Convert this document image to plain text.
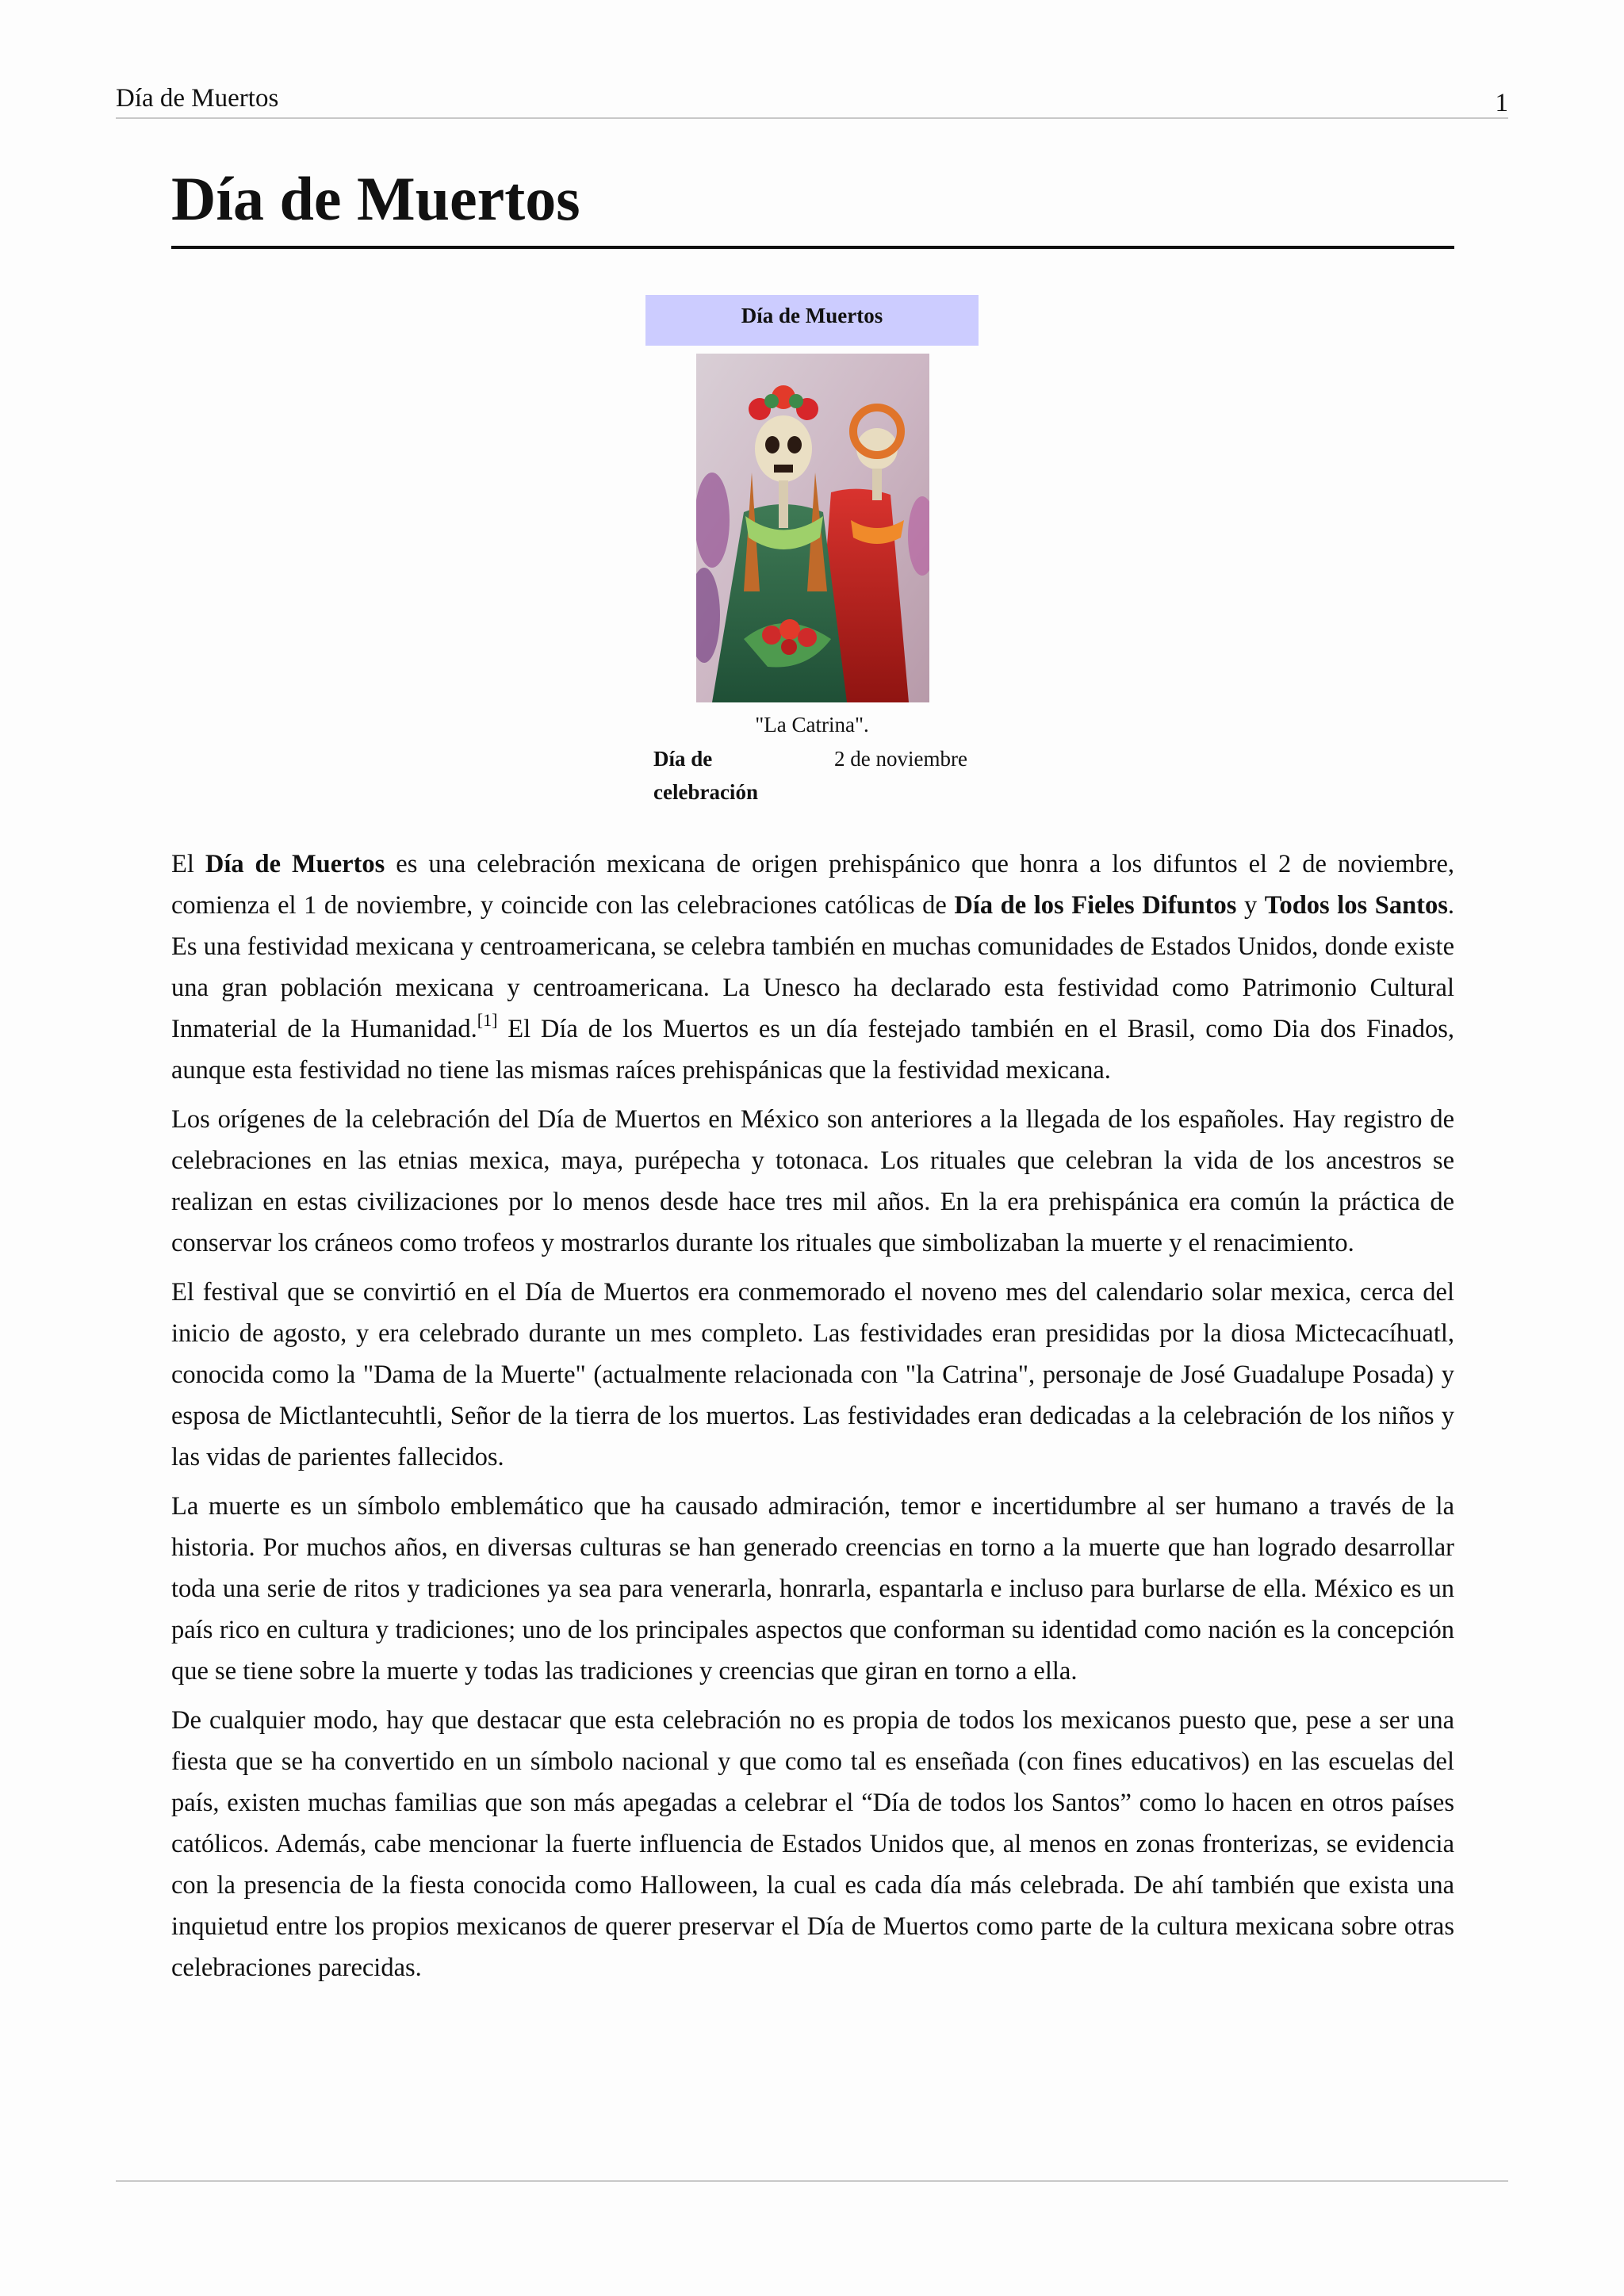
Día de Muertos	1
Día de Muertos
Día de Muertos
"La Catrina".
Día de celebración
2 de noviembre

El Día de Muertos es una celebración mexicana de origen prehispánico que honra a los difuntos el 2 de noviembre, comienza el 1 de noviembre, y coincide con las celebraciones católicas de Día de los Fieles Difuntos y Todos los Santos. Es una festividad mexicana y centroamericana, se celebra también en muchas comunidades de Estados Unidos, donde existe una gran población mexicana y centroamericana. La Unesco ha declarado esta festividad como Patrimonio Cultural Inmaterial de la Humanidad.[1] El Día de los Muertos es un día festejado también en el Brasil, como Dia dos Finados, aunque esta festividad no tiene las mismas raíces prehispánicas que la festividad mexicana.

Los orígenes de la celebración del Día de Muertos en México son anteriores a la llegada de los españoles. Hay registro de celebraciones en las etnias mexica, maya, purépecha y totonaca. Los rituales que celebran la vida de los ancestros se realizan en estas civilizaciones por lo menos desde hace tres mil años. En la era prehispánica era común la práctica de conservar los cráneos como trofeos y mostrarlos durante los rituales que simbolizaban la muerte y el renacimiento.

El festival que se convirtió en el Día de Muertos era conmemorado el noveno mes del calendario solar mexica, cerca del inicio de agosto, y era celebrado durante un mes completo. Las festividades eran presididas por la diosa Mictecacíhuatl, conocida como la "Dama de la Muerte" (actualmente relacionada con "la Catrina", personaje de José Guadalupe Posada) y esposa de Mictlantecuhtli, Señor de la tierra de los muertos. Las festividades eran dedicadas a la celebración de los niños y las vidas de parientes fallecidos.

La muerte es un símbolo emblemático que ha causado admiración, temor e incertidumbre al ser humano a través de la historia. Por muchos años, en diversas culturas se han generado creencias en torno a la muerte que han logrado desarrollar toda una serie de ritos y tradiciones ya sea para venerarla, honrarla, espantarla e incluso para burlarse de ella. México es un país rico en cultura y tradiciones; uno de los principales aspectos que conforman su identidad como nación es la concepción que se tiene sobre la muerte y todas las tradiciones y creencias que giran en torno a ella.

De cualquier modo, hay que destacar que esta celebración no es propia de todos los mexicanos puesto que, pese a ser una fiesta que se ha convertido en un símbolo nacional y que como tal es enseñada (con fines educativos) en las escuelas del país, existen muchas familias que son más apegadas a celebrar el “Día de todos los Santos” como lo hacen en otros países católicos. Además, cabe mencionar la fuerte influencia de Estados Unidos que, al menos en zonas fronterizas, se evidencia con la presencia de la fiesta conocida como Halloween, la cual es cada día más celebrada. De ahí también que exista una inquietud entre los propios mexicanos de querer preservar el Día de Muertos como parte de la cultura mexicana sobre otras celebraciones parecidas.
